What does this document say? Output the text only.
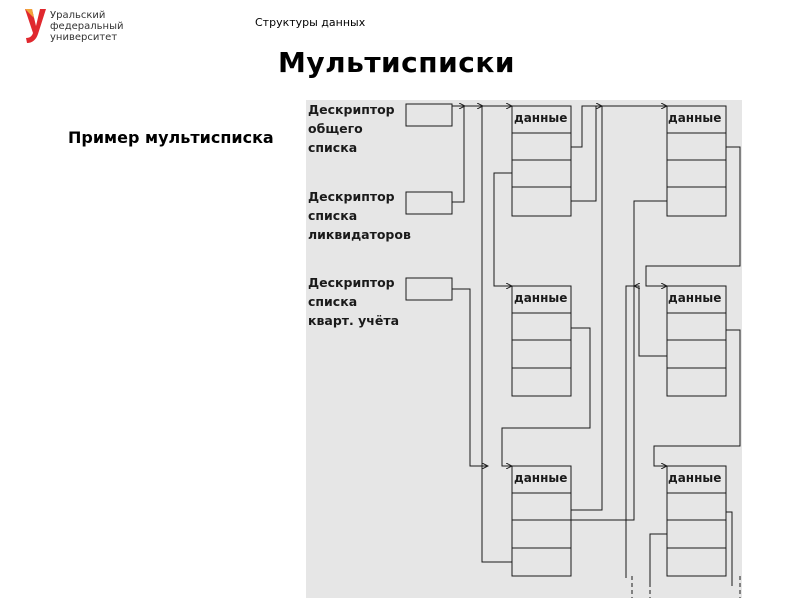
Уральский
федеральный
университет
Структуры данных
Мультисписки
Пример мультисписка
Дескриптор
общего
списка
Дескриптор
списка
ликвидаторов
Дескриптор
списка
кварт. учёта
данные	данные
данные	данные
данные	данные
